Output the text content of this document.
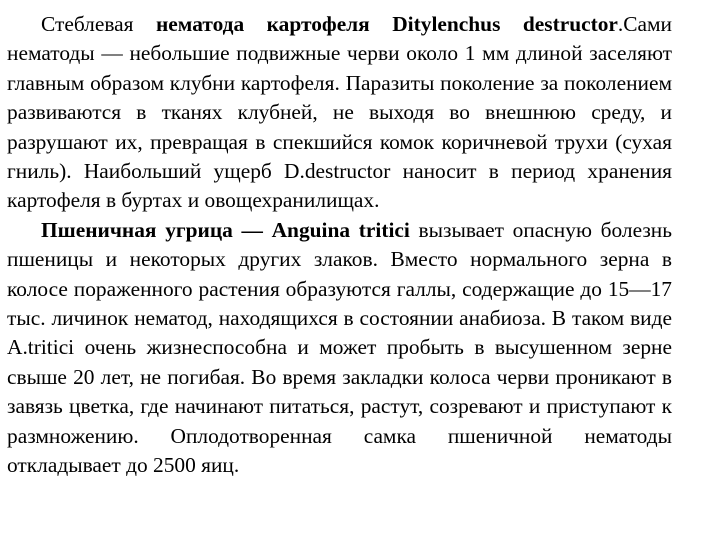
Стеблевая нематода картофеля Ditylenchus destructor.Сами нематоды — небольшие подвижные черви около 1 мм длиной заселяют главным образом клубни картофеля. Паразиты поколение за поколением развиваются в тканях клубней, не выходя во внешнюю среду, и разрушают их, превращая в спекшийся комок коричневой трухи (сухая гниль). Наибольший ущерб D.destructor наносит в период хранения картофеля в буртах и овощехранилищах.

Пшеничная угрица — Anguina tritici вызывает опасную болезнь пшеницы и некоторых других злаков. Вместо нормального зерна в колосе пораженного растения образуются галлы, содержащие до 15—17 тыс. личинок нематод, находящихся в состоянии анабиоза. В таком виде A.tritici очень жизнеспособна и может пробыть в высушенном зерне свыше 20 лет, не погибая. Во время закладки колоса черви проникают в завязь цветка, где начинают питаться, растут, созревают и приступают к размножению. Оплодотворенная самка пшеничной нематоды откладывает до 2500 яиц.
